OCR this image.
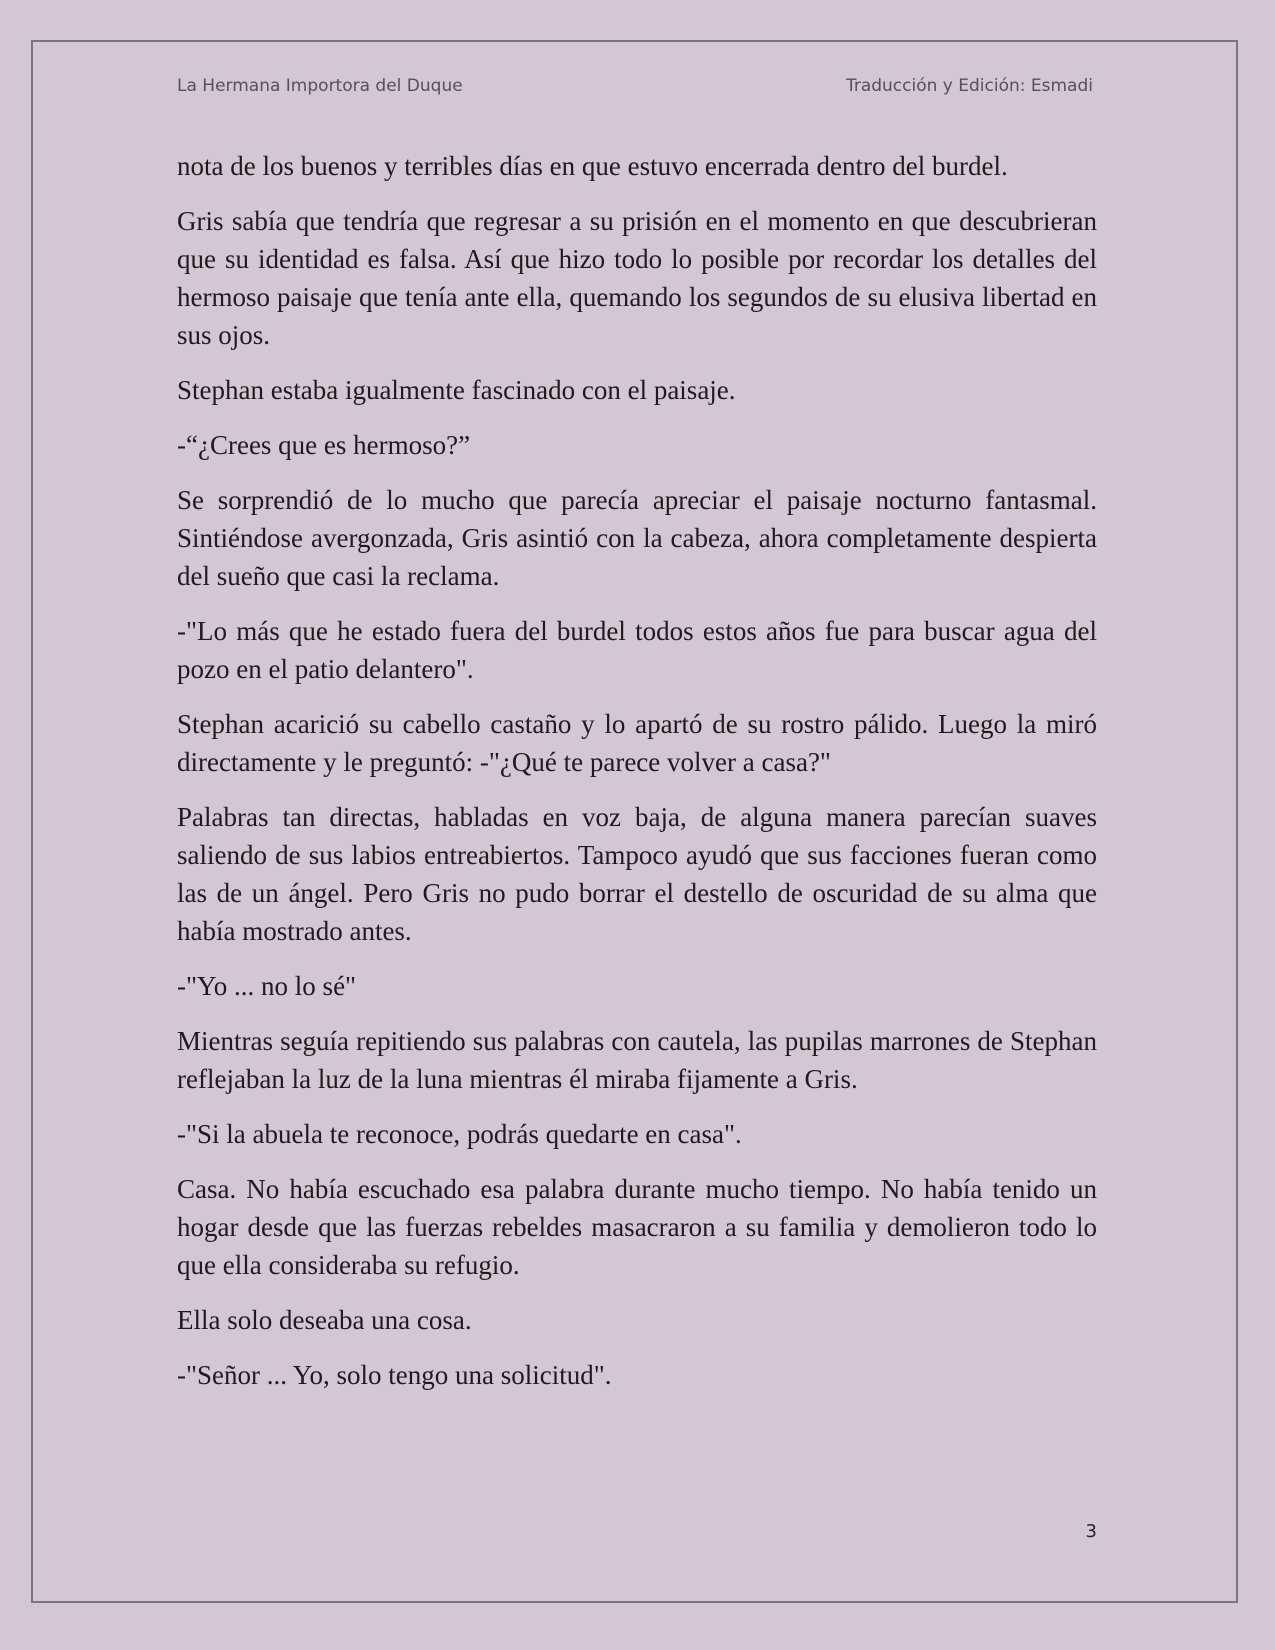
La Hermana Importora del Duque	Traducción y Edición: Esmadi

nota de los buenos y terribles días en que estuvo encerrada dentro del burdel.

Gris sabía que tendría que regresar a su prisión en el momento en que descubrieran que su identidad es falsa. Así que hizo todo lo posible por recordar los detalles del hermoso paisaje que tenía ante ella, quemando los segundos de su elusiva libertad en sus ojos.

Stephan estaba igualmente fascinado con el paisaje.

-“¿Crees que es hermoso?”

Se sorprendió de lo mucho que parecía apreciar el paisaje nocturno fantasmal. Sintiéndose avergonzada, Gris asintió con la cabeza, ahora completamente despierta del sueño que casi la reclama.

-"Lo más que he estado fuera del burdel todos estos años fue para buscar agua del pozo en el patio delantero".

Stephan acarició su cabello castaño y lo apartó de su rostro pálido. Luego la miró directamente y le preguntó: -"¿Qué te parece volver a casa?"

Palabras tan directas, habladas en voz baja, de alguna manera parecían suaves saliendo de sus labios entreabiertos. Tampoco ayudó que sus facciones fueran como las de un ángel. Pero Gris no pudo borrar el destello de oscuridad de su alma que había mostrado antes.

-"Yo ... no lo sé"

Mientras seguía repitiendo sus palabras con cautela, las pupilas marrones de Stephan reflejaban la luz de la luna mientras él miraba fijamente a Gris.

-"Si la abuela te reconoce, podrás quedarte en casa".

Casa. No había escuchado esa palabra durante mucho tiempo. No había tenido un hogar desde que las fuerzas rebeldes masacraron a su familia y demolieron todo lo que ella consideraba su refugio.

Ella solo deseaba una cosa.

-"Señor ... Yo, solo tengo una solicitud".

3
